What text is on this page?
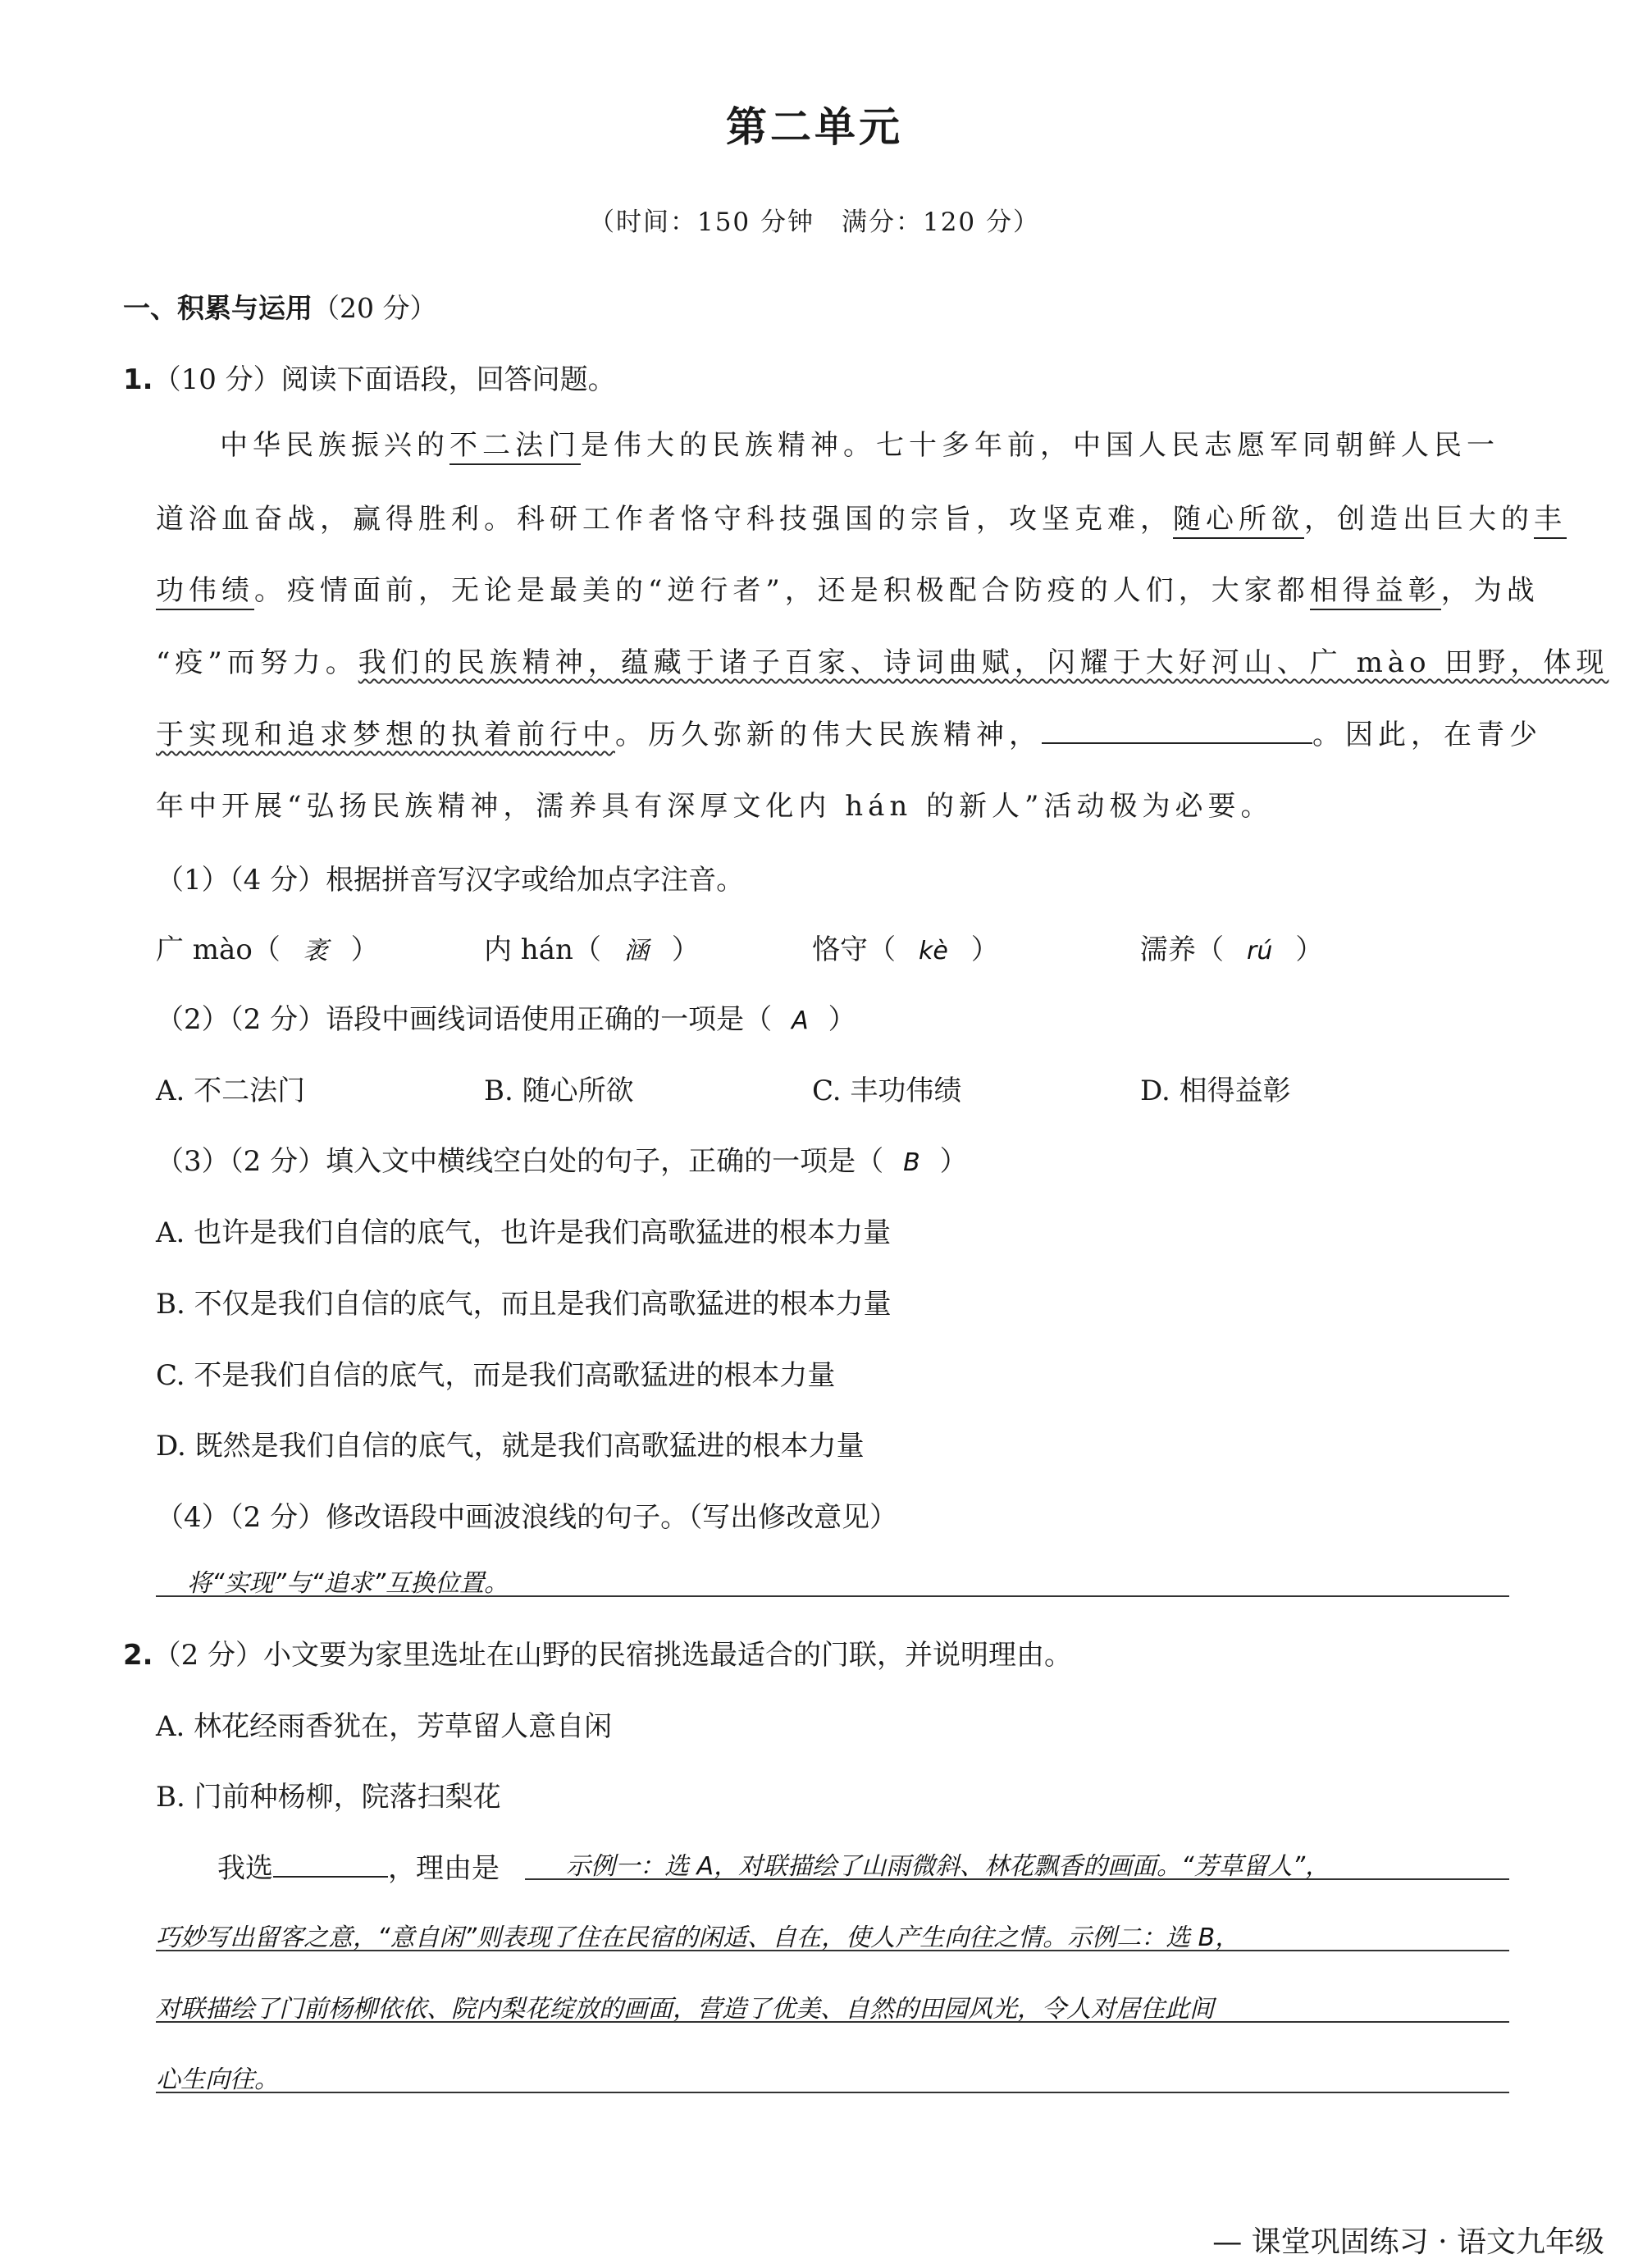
第二单元
（时间：150 分钟　满分：120 分）
一、积累与运用（20 分）
1.（10 分）阅读下面语段，回答问题。
中华民族振兴的不二法门是伟大的民族精神。七十多年前，中国人民志愿军同朝鲜人民一
道浴血奋战，赢得胜利。科研工作者恪守科技强国的宗旨，攻坚克难，随心所欲，创造出巨大的丰
功伟绩。疫情面前，无论是最美的“逆行者”，还是积极配合防疫的人们，大家都相得益彰，为战
“疫”而努力。我们的民族精神，蕴藏于诸子百家、诗词曲赋，闪耀于大好河山、广 mào 田野，体现
于实现和追求梦想的执着前行中。历久弥新的伟大民族精神，	。因此，在青少
年中开展“弘扬民族精神，濡养具有深厚文化内 hán 的新人”活动极为必要。
（1）（4 分）根据拼音写汉字或给加点字注音。
广 mào（ 袤 ）	内 hán（ 涵 ）	恪守（ kè ）	濡养（ rú ）
（2）（2 分）语段中画线词语使用正确的一项是（ A ）
A. 不二法门	B. 随心所欲	C. 丰功伟绩	D. 相得益彰
（3）（2 分）填入文中横线空白处的句子，正确的一项是（ B ）
A. 也许是我们自信的底气，也许是我们高歌猛进的根本力量
B. 不仅是我们自信的底气，而且是我们高歌猛进的根本力量
C. 不是我们自信的底气，而是我们高歌猛进的根本力量
D. 既然是我们自信的底气，就是我们高歌猛进的根本力量
（4）（2 分）修改语段中画波浪线的句子。（写出修改意见）
将“实现”与“追求”互换位置。
2.（2 分）小文要为家里选址在山野的民宿挑选最适合的门联，并说明理由。
A. 林花经雨香犹在，芳草留人意自闲
B. 门前种杨柳，院落扫梨花
我选	，理由是	示例一：选 A，对联描绘了山雨微斜、林花飘香的画面。“芳草留人”，
巧妙写出留客之意，“意自闲”则表现了住在民宿的闲适、自在，使人产生向往之情。示例二：选 B，
对联描绘了门前杨柳依依、院内梨花绽放的画面，营造了优美、自然的田园风光，令人对居住此间
心生向往。
— 课堂巩固练习 · 语文九年级
